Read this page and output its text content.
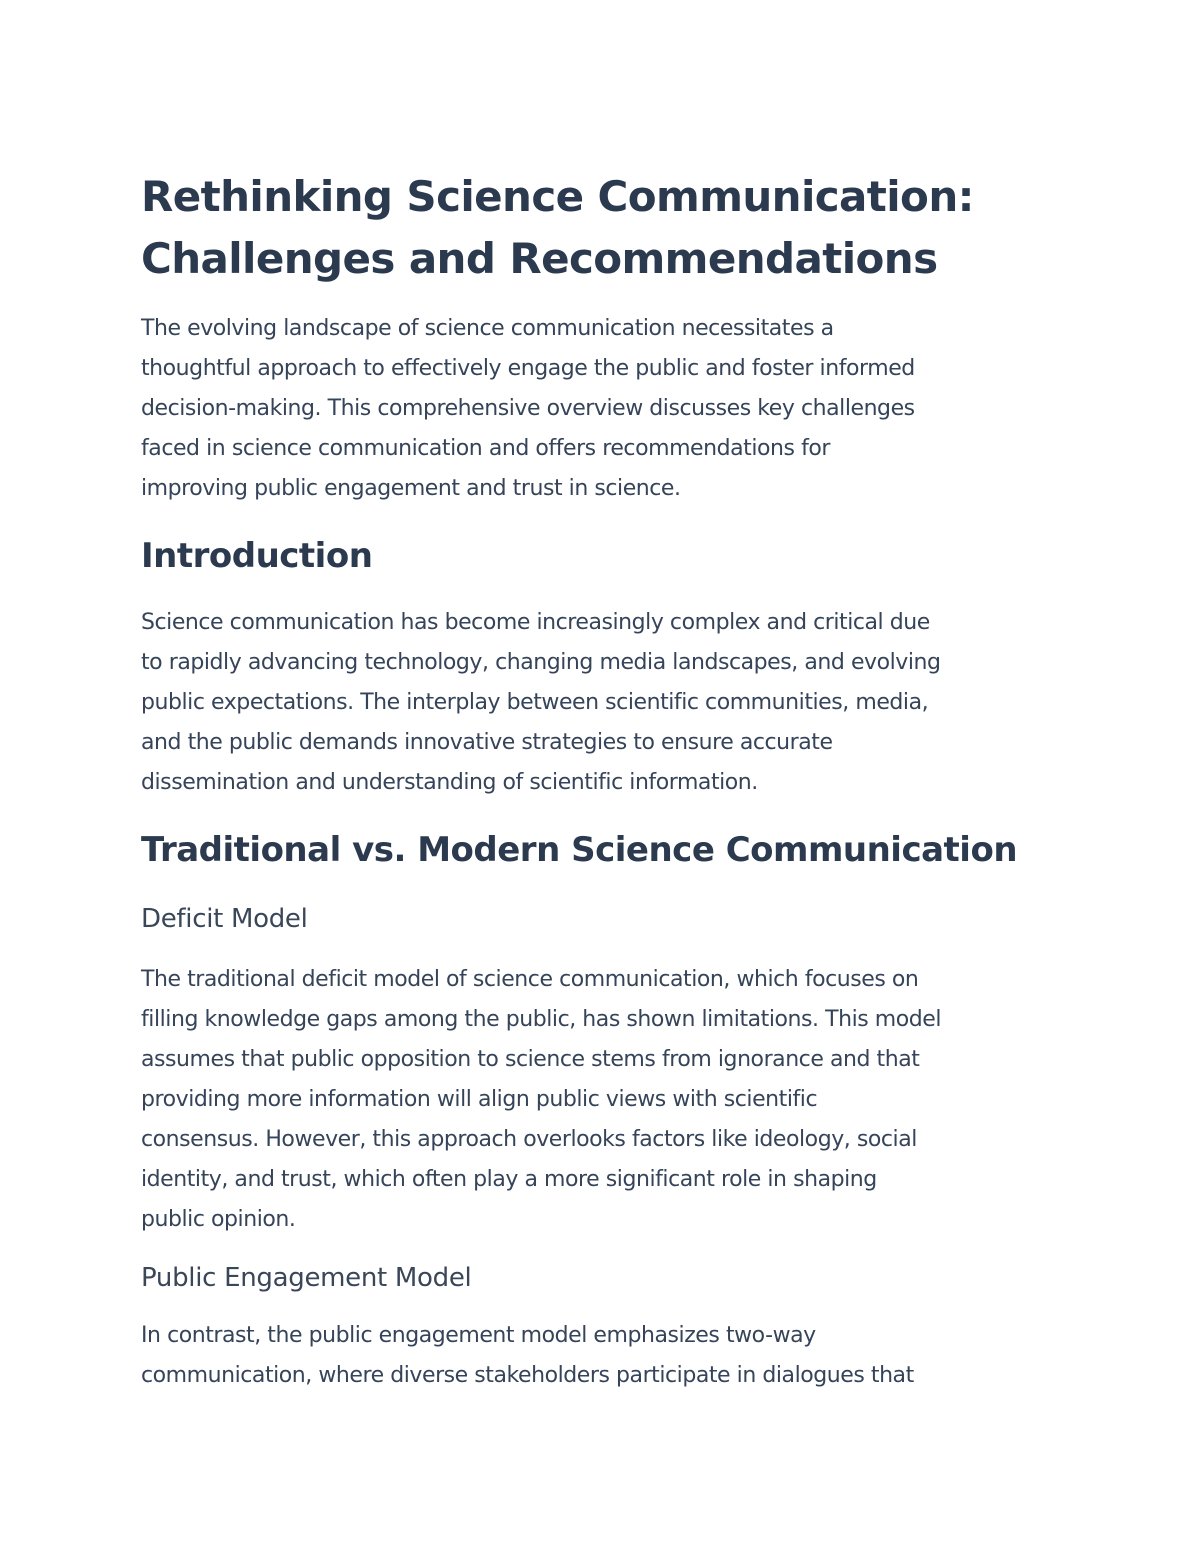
Rethinking Science Communication:
Challenges and Recommendations

The evolving landscape of science communication necessitates a
thoughtful approach to effectively engage the public and foster informed
decision-making. This comprehensive overview discusses key challenges
faced in science communication and offers recommendations for
improving public engagement and trust in science.

Introduction

Science communication has become increasingly complex and critical due
to rapidly advancing technology, changing media landscapes, and evolving
public expectations. The interplay between scientific communities, media,
and the public demands innovative strategies to ensure accurate
dissemination and understanding of scientific information.

Traditional vs. Modern Science Communication
Deficit Model

The traditional deficit model of science communication, which focuses on
filling knowledge gaps among the public, has shown limitations. This model
assumes that public opposition to science stems from ignorance and that
providing more information will align public views with scientific
consensus. However, this approach overlooks factors like ideology, social
identity, and trust, which often play a more significant role in shaping
public opinion.

Public Engagement Model

In contrast, the public engagement model emphasizes two-way
communication, where diverse stakeholders participate in dialogues that
